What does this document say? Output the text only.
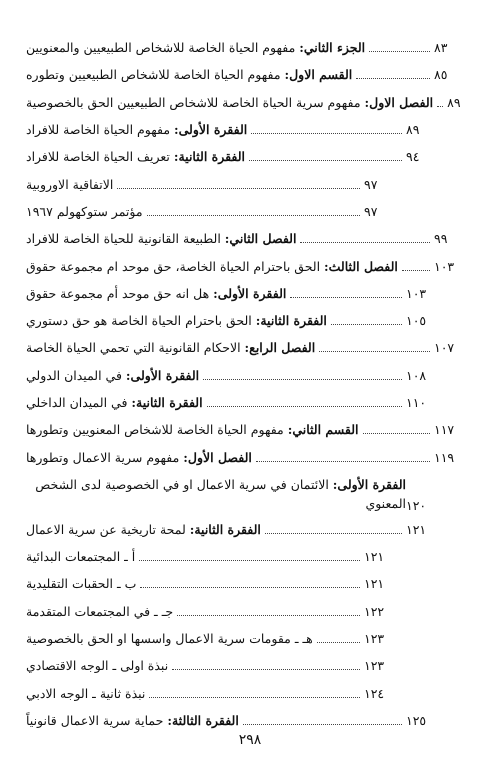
الجزء الثاني: مفهوم الحياة الخاصة للاشخاص الطبيعيين والمعنويين	٨٣
القسم الاول: مفهوم الحياة الخاصة للاشخاص الطبيعيين وتطوره	٨٥
الفصل الاول: مفهوم سرية الحياة الخاصة للاشخاص الطبيعيين الحق بالخصوصية	٨٩
الفقرة الأولى: مفهوم الحياة الخاصة للافراد	٨٩
الفقرة الثانية: تعريف الحياة الخاصة للافراد	٩٤
الاتفاقية الاوروبية	٩٧
مؤتمر ستوكهولم ١٩٦٧	٩٧
الفصل الثاني: الطبيعة القانونية للحياة الخاصة للافراد	٩٩
الفصل الثالث: الحق باحترام الحياة الخاصة، حق موحد ام مجموعة حقوق	١٠٣
الفقرة الأولى: هل انه حق موحد أم مجموعة حقوق	١٠٣
الفقرة الثانية: الحق باحترام الحياة الخاصة هو حق دستوري	١٠٥
الفصل الرابع: الاحكام القانونية التي تحمي الحياة الخاصة	١٠٧
الفقرة الأولى: في الميدان الدولي	١٠٨
الفقرة الثانية: في الميدان الداخلي	١١٠
القسم الثاني: مفهوم الحياة الخاصة للاشخاص المعنويين وتطورها	١١٧
الفصل الأول: مفهوم سرية الاعمال وتطورها	١١٩
الفقرة الأولى: الائتمان في سرية الاعمال او في الخصوصية لدى الشخص المعنوي ١٢٠
الفقرة الثانية: لمحة تاريخية عن سرية الاعمال	١٢١
أ ـ المجتمعات البدائية	١٢١
ب ـ الحقبات التقليدية	١٢١
جـ ـ في المجتمعات المتقدمة	١٢٢
هـ ـ مقومات سرية الاعمال واسسها او الحق بالخصوصية	١٢٣
نبذة اولى ـ الوجه الاقتصادي	١٢٣
نبذة ثانية ـ الوجه الادبي	١٢٤
الفقرة الثالثة: حماية سرية الاعمال قانونياً	١٢٥
٢٩٨
